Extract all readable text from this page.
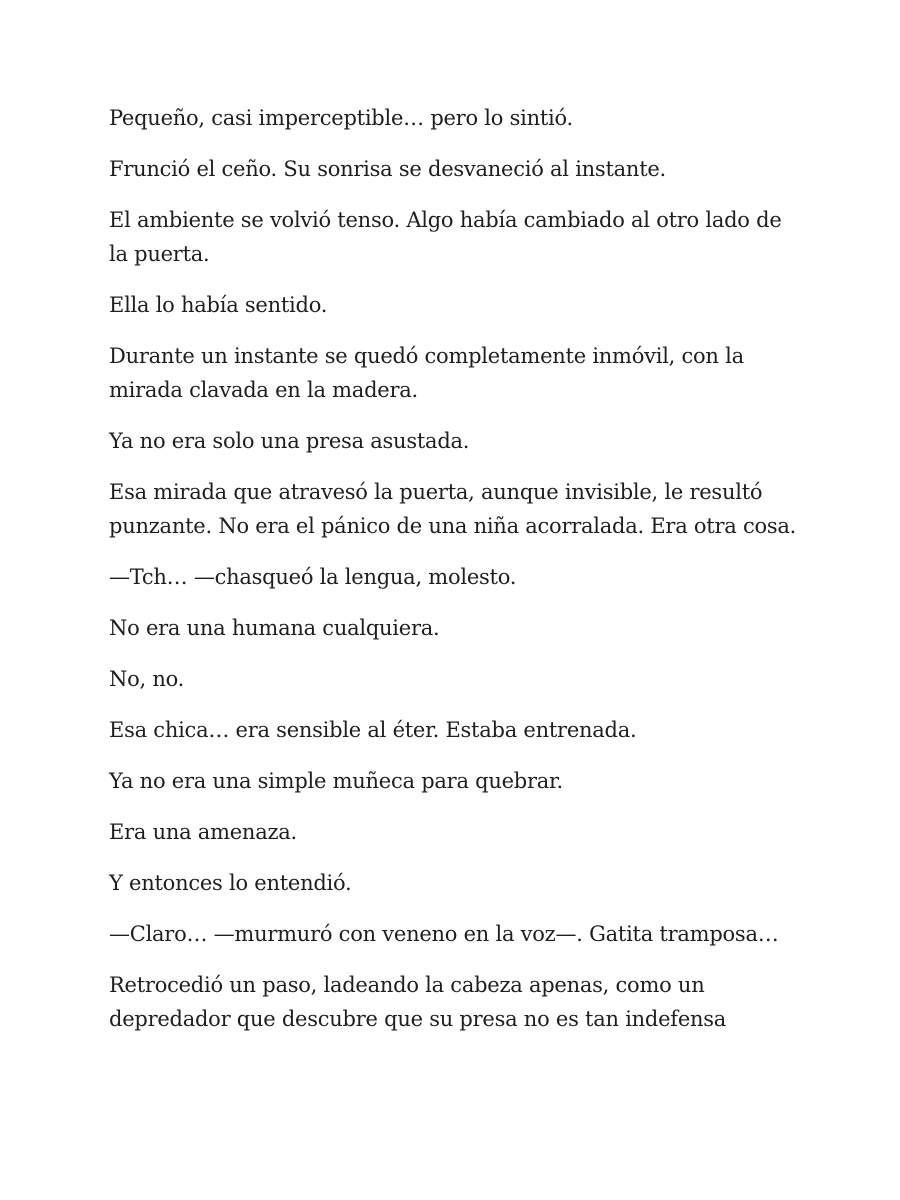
Pequeño, casi imperceptible… pero lo sintió.

Frunció el ceño. Su sonrisa se desvaneció al instante.

El ambiente se volvió tenso. Algo había cambiado al otro lado de la puerta.

Ella lo había sentido.

Durante un instante se quedó completamente inmóvil, con la mirada clavada en la madera.

Ya no era solo una presa asustada.

Esa mirada que atravesó la puerta, aunque invisible, le resultó punzante. No era el pánico de una niña acorralada. Era otra cosa.

—Tch… —chasqueó la lengua, molesto.

No era una humana cualquiera.

No, no.

Esa chica… era sensible al éter. Estaba entrenada.

Ya no era una simple muñeca para quebrar.

Era una amenaza.

Y entonces lo entendió.

—Claro… —murmuró con veneno en la voz—. Gatita tramposa…

Retrocedió un paso, ladeando la cabeza apenas, como un depredador que descubre que su presa no es tan indefensa
